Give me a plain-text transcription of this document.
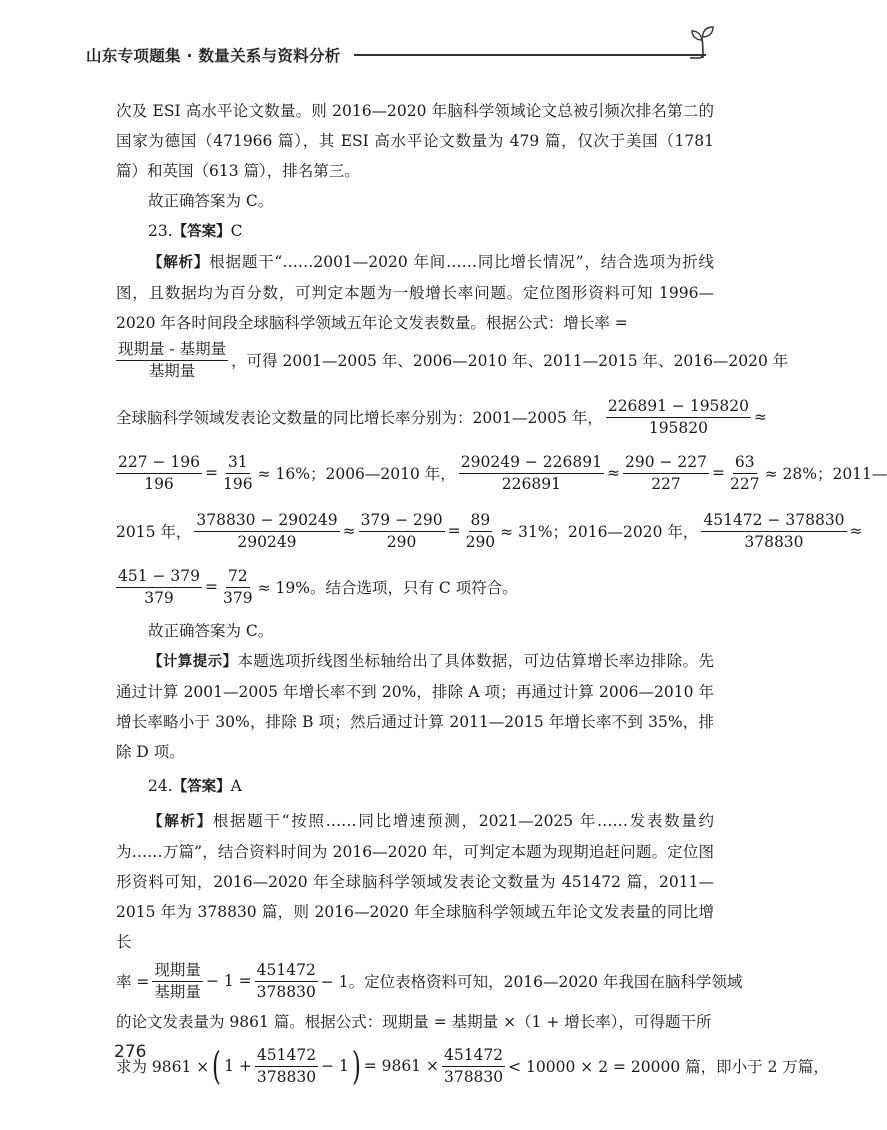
山东专项题集 · 数量关系与资料分析
次及 ESI 高水平论文数量。则 2016—2020 年脑科学领域论文总被引频次排名第二的国家为德国（471966 篇），其 ESI 高水平论文数量为 479 篇，仅次于美国（1781 篇）和英国（613 篇），排名第三。
故正确答案为 C。
23.【答案】C
【解析】根据题干“……2001—2020 年间……同比增长情况”，结合选项为折线图，且数据均为百分数，可判定本题为一般增长率问题。定位图形资料可知 1996—2020 年各时间段全球脑科学领域五年论文发表数量。根据公式：增长率 =
$\frac{\text{现期量 - 基期量}}{\text{基期量}}$ ，可得 2001—2005 年、2006—2010 年、2011—2015 年、2016—2020 年
全球脑科学领域发表论文数量的同比增长率分别为：2001—2005 年， $\frac{226891 - 195820}{195820}$ ≈
$\frac{227 - 196}{196} = \frac{31}{196} \approx 16\%$；2006—2010 年， $\frac{290249 - 226891}{226891} \approx \frac{290 - 227}{227} = \frac{63}{227} \approx 28\%$；2011—
2015 年， $\frac{378830 - 290249}{290249} \approx \frac{379 - 290}{290} = \frac{89}{290} \approx 31\%$；2016—2020 年， $\frac{451472 - 378830}{378830}$ ≈
$\frac{451 - 379}{379} = \frac{72}{379} \approx 19\%$。结合选项，只有 C 项符合。
故正确答案为 C。
【计算提示】本题选项折线图坐标轴给出了具体数据，可边估算增长率边排除。先通过计算 2001—2005 年增长率不到 20%，排除 A 项；再通过计算 2006—2010 年增长率略小于 30%，排除 B 项；然后通过计算 2011—2015 年增长率不到 35%，排除 D 项。
24.【答案】A
【解析】根据题干“按照……同比增速预测，2021—2025 年……发表数量约为……万篇”，结合资料时间为 2016—2020 年，可判定本题为现期追赶问题。定位图形资料可知，2016—2020 年全球脑科学领域发表论文数量为 451472 篇，2011—2015 年为 378830 篇，则 2016—2020 年全球脑科学领域五年论文发表量的同比增长
率 = $\frac{\text{现期量}}{\text{基期量}} - 1 = \frac{451472}{378830} - 1$。定位表格资料可知，2016—2020 年我国在脑科学领域
的论文发表量为 9861 篇。根据公式：现期量 = 基期量 ×（1 + 增长率），可得题干所
求为 9861 × ( $1 + \frac{451472}{378830} - 1$ ) = $9861 \times \frac{451472}{378830} < 10000 \times 2 = 20000$ 篇，即小于 2 万篇，
276
